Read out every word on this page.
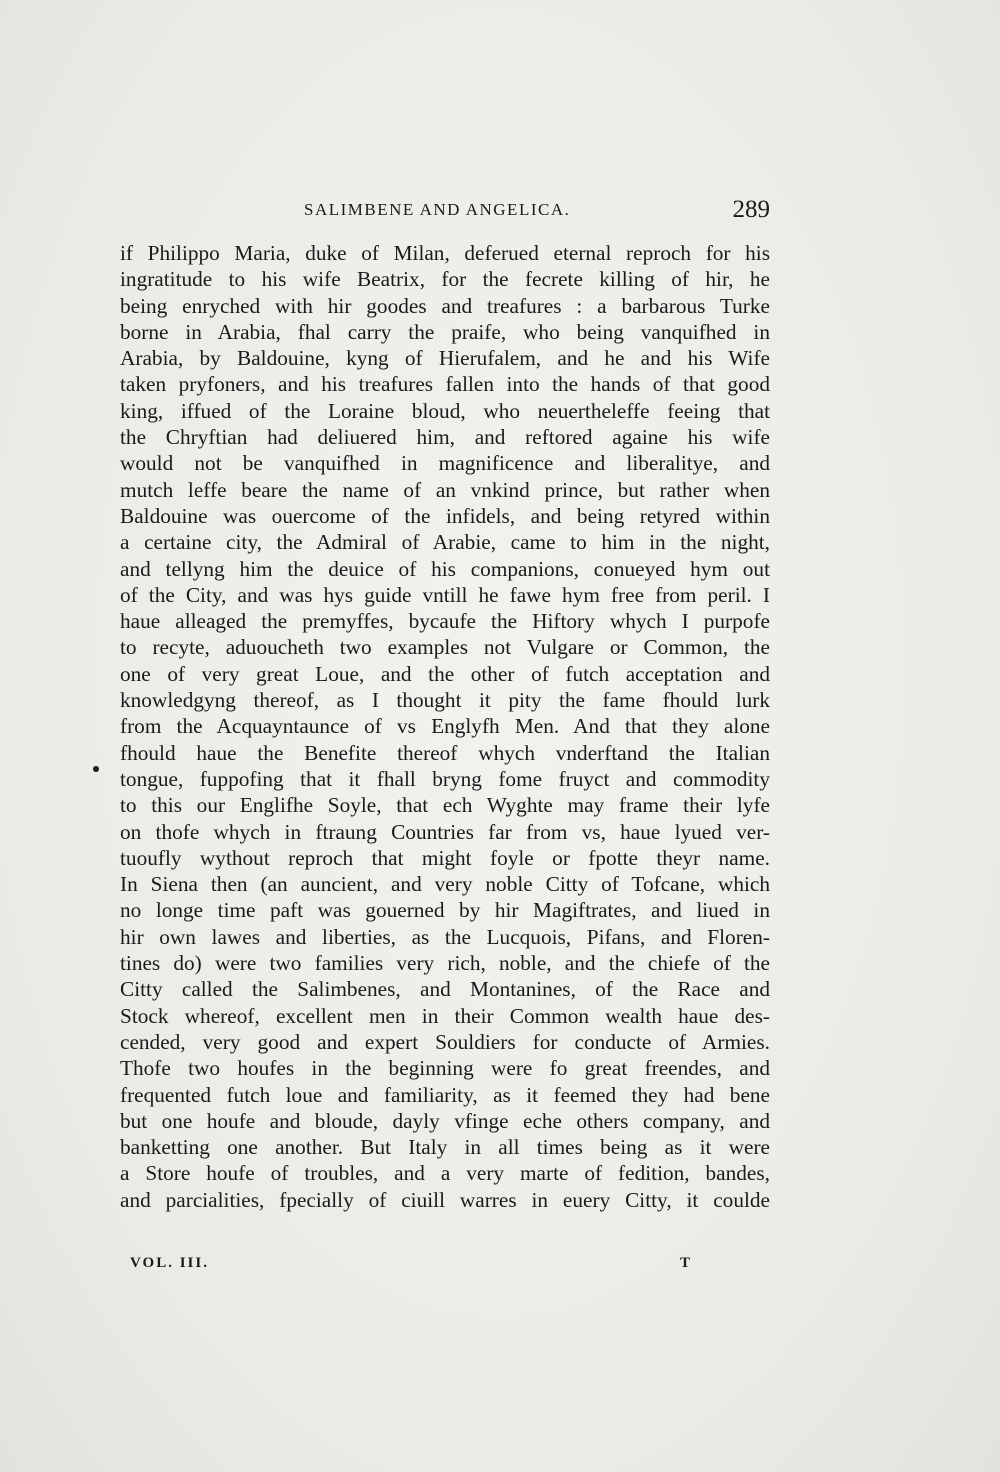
SALIMBENE AND ANGELICA.	289
if Philippo Maria, duke of Milan, deferued eternal reproch for his
ingratitude to his wife Beatrix, for the fecrete killing of hir, he
being enryched with hir goodes and treafures : a barbarous Turke
borne in Arabia, fhal carry the praife, who being vanquifhed in
Arabia, by Baldouine, kyng of Hierufalem, and he and his Wife
taken pryfoners, and his treafures fallen into the hands of that good
king, iffued of the Loraine bloud, who neuertheleffe feeing that
the Chryftian had deliuered him, and reftored againe his wife
would not be vanquifhed in magnificence and liberalitye, and
mutch leffe beare the name of an vnkind prince, but rather when
Baldouine was ouercome of the infidels, and being retyred within
a certaine city, the Admiral of Arabie, came to him in the night,
and tellyng him the deuice of his companions, conueyed hym out
of the City, and was hys guide vntill he fawe hym free from peril. I
haue alleaged the premyffes, bycaufe the Hiftory whych I purpofe
to recyte, aduoucheth two examples not Vulgare or Common, the
one of very great Loue, and the other of futch acceptation and
knowledgyng thereof, as I thought it pity the fame fhould lurk
from the Acquayntaunce of vs Englyfh Men. And that they alone
fhould haue the Benefite thereof whych vnderftand the Italian
tongue, fuppofing that it fhall bryng fome fruyct and commodity
to this our Englifhe Soyle, that ech Wyghte may frame their lyfe
on thofe whych in ftraung Countries far from vs, haue lyued ver-
tuoufly wythout reproch that might foyle or fpotte theyr name.
In Siena then (an auncient, and very noble Citty of Tofcane, which
no longe time paft was gouerned by hir Magiftrates, and liued in
hir own lawes and liberties, as the Lucquois, Pifans, and Floren-
tines do) were two families very rich, noble, and the chiefe of the
Citty called the Salimbenes, and Montanines, of the Race and
Stock whereof, excellent men in their Common wealth haue des-
cended, very good and expert Souldiers for conducte of Armies.
Thofe two houfes in the beginning were fo great freendes, and
frequented futch loue and familiarity, as it feemed they had bene
but one houfe and bloude, dayly vfinge eche others company, and
banketting one another. But Italy in all times being as it were
a Store houfe of troubles, and a very marte of fedition, bandes,
and parcialities, fpecially of ciuill warres in euery Citty, it coulde
VOL. III.	T
